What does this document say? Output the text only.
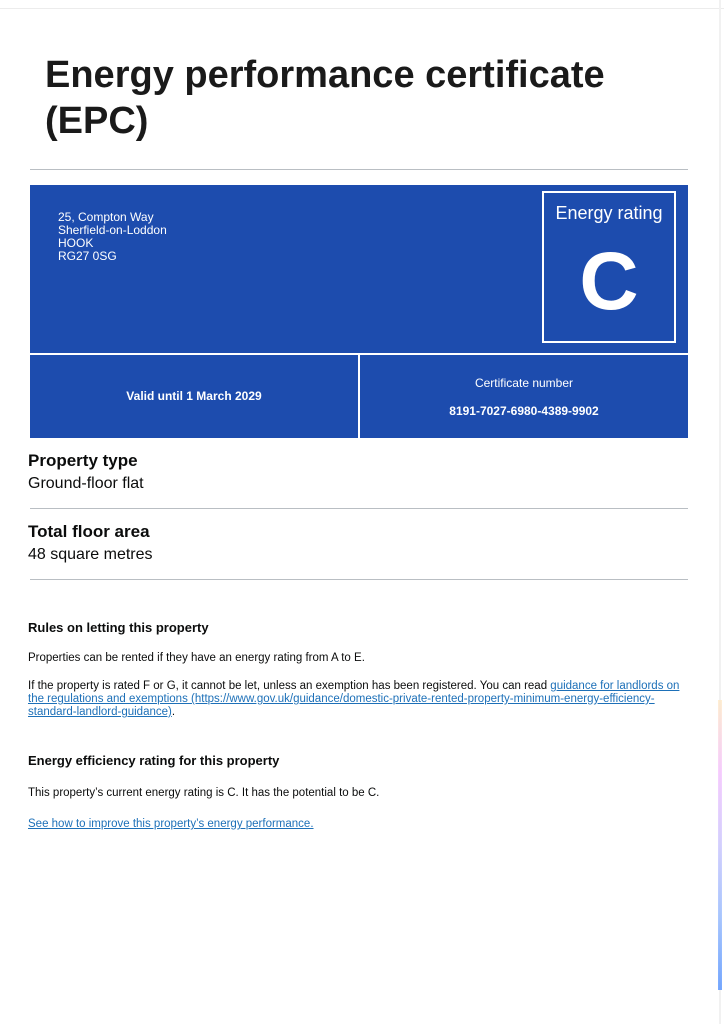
Energy performance certificate (EPC)
25, Compton Way
Sherfield-on-Loddon
HOOK
RG27 0SG
Energy rating
C
Valid until 1 March 2029
Certificate number
8191-7027-6980-4389-9902
Property type
Ground-floor flat
Total floor area
48 square metres
Rules on letting this property
Properties can be rented if they have an energy rating from A to E.
If the property is rated F or G, it cannot be let, unless an exemption has been registered. You can read guidance for landlords on the regulations and exemptions (https://www.gov.uk/guidance/domestic-private-rented-property-minimum-energy-efficiency-standard-landlord-guidance).
Energy efficiency rating for this property
This property’s current energy rating is C. It has the potential to be C.
See how to improve this property’s energy performance.
